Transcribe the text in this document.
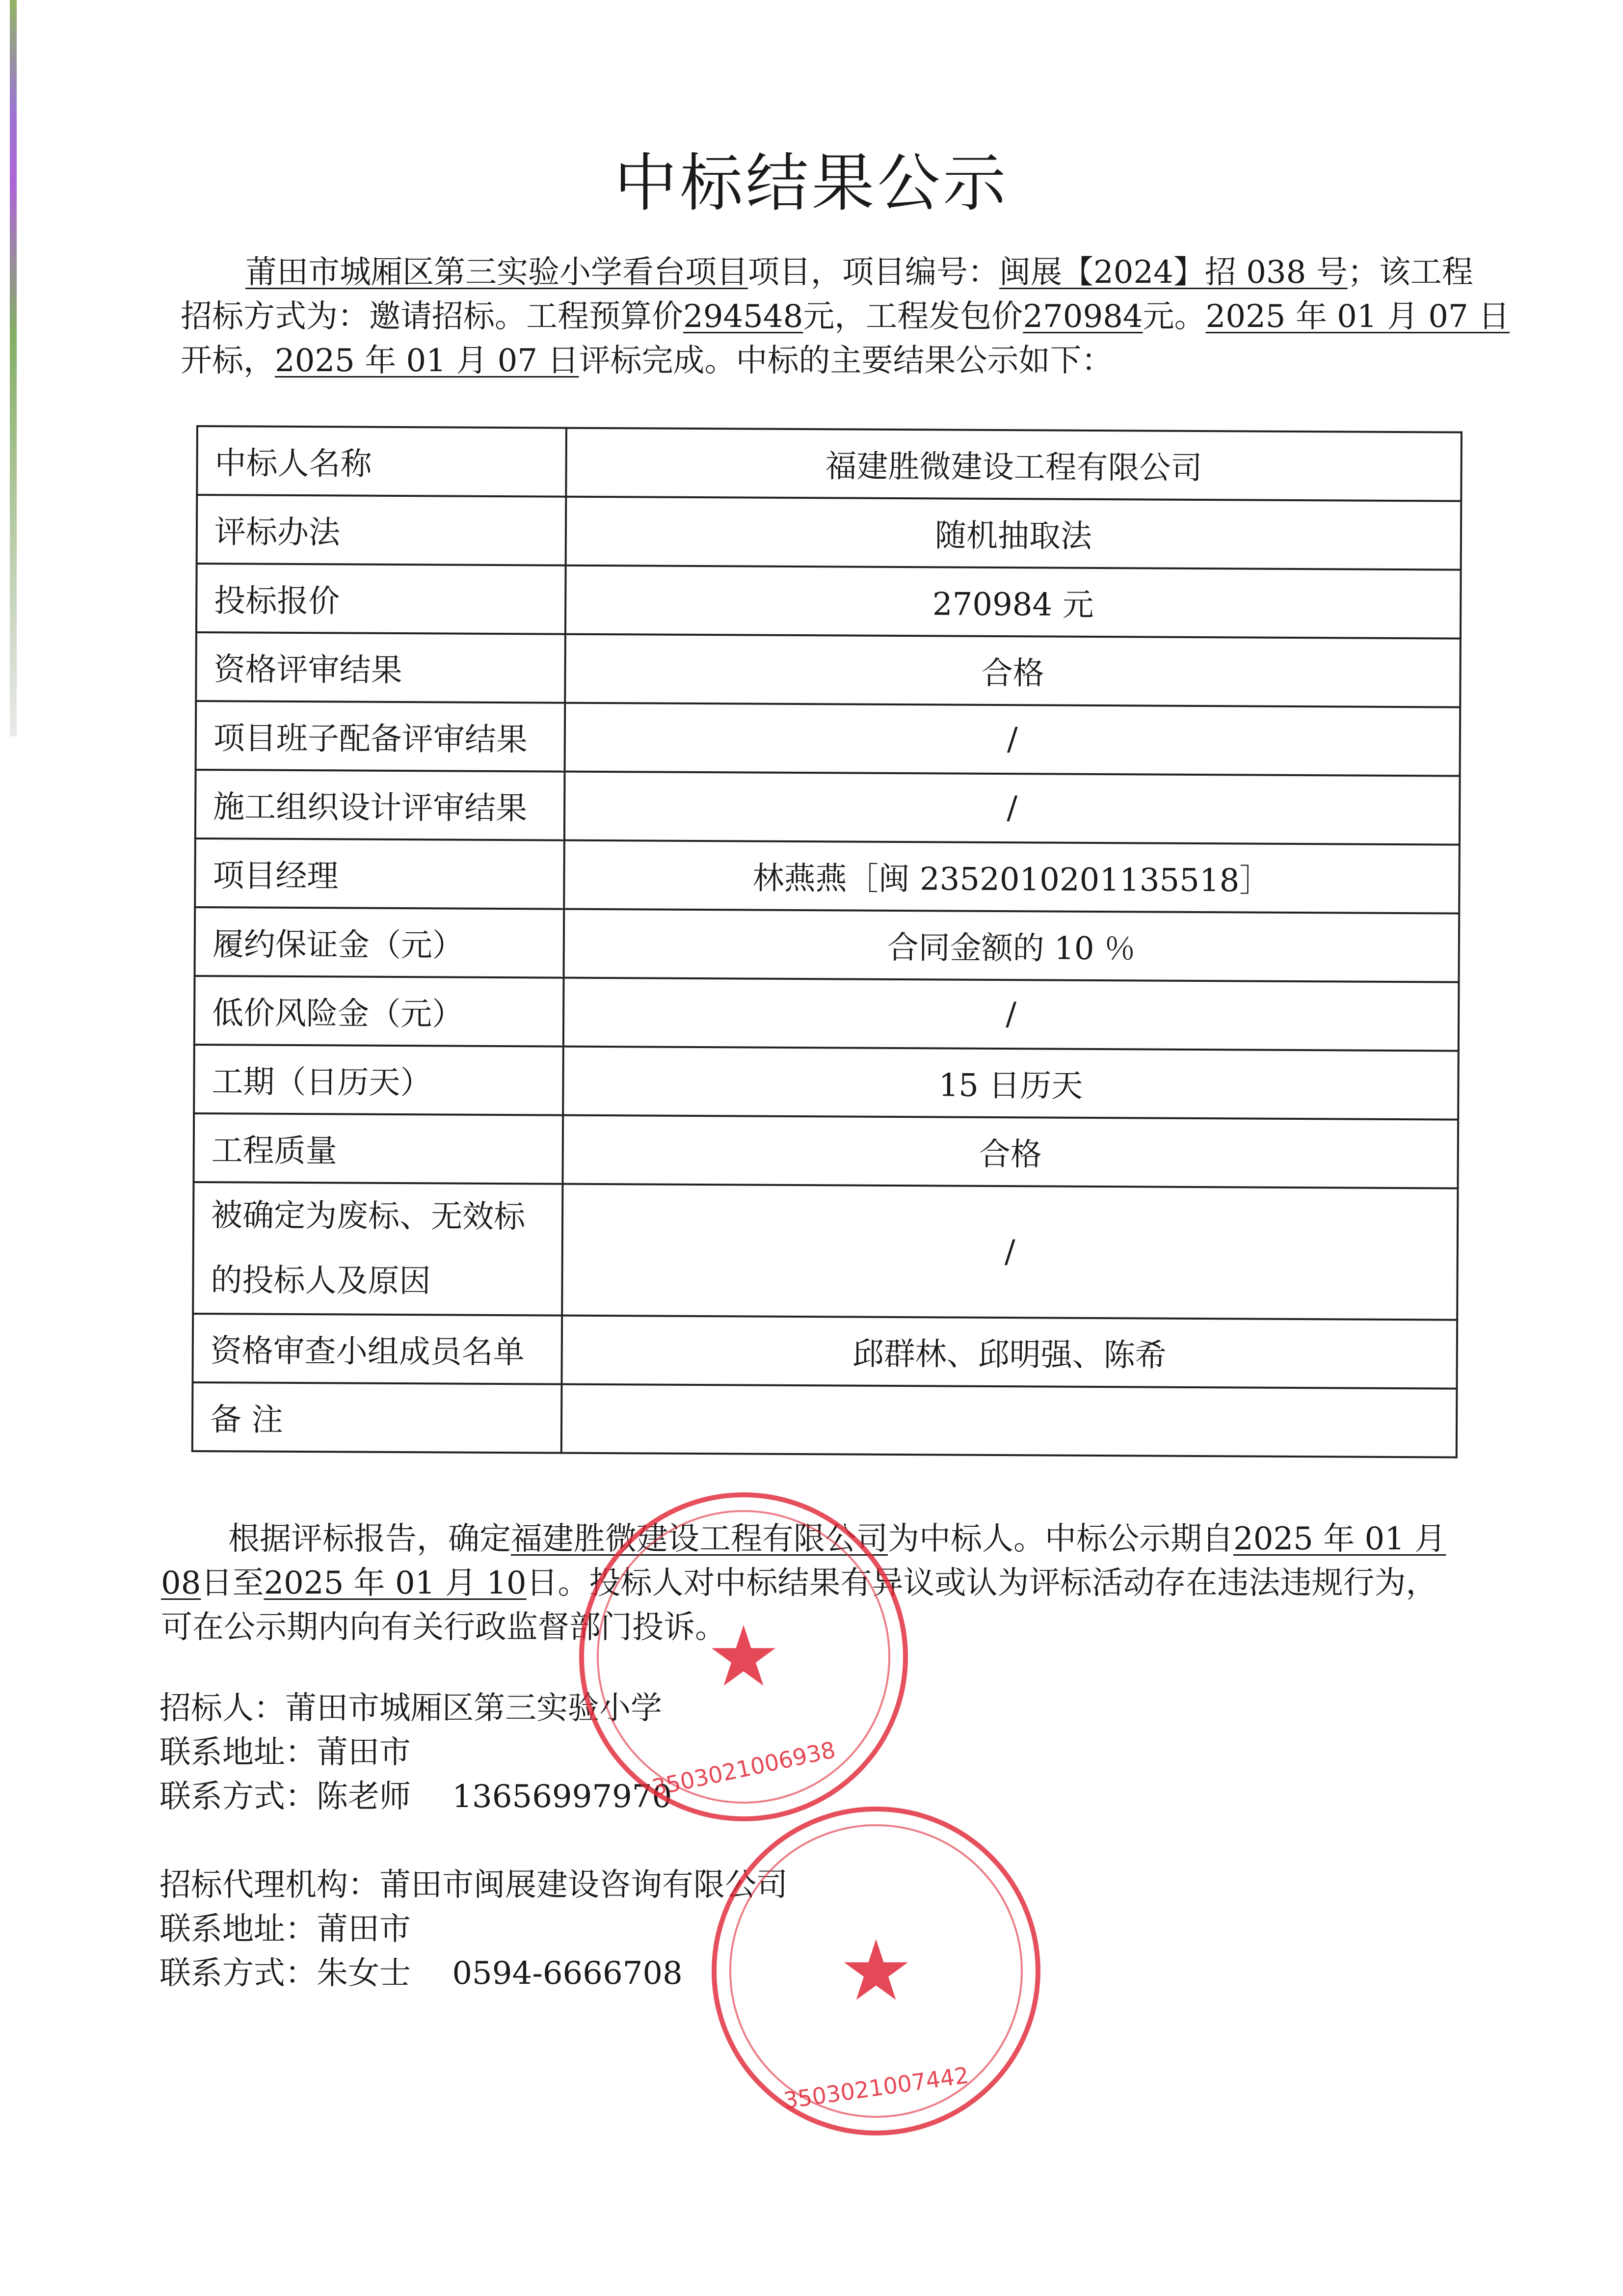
中标结果公示
莆田市城厢区第三实验小学看台项目项目，项目编号：闽展【2024】招 038 号；该工程
招标方式为：邀请招标。工程预算价294548元，工程发包价270984元。2025 年 01 月 07 日
开标，2025 年 01 月 07 日评标完成。中标的主要结果公示如下：
中标人名称	福建胜微建设工程有限公司
评标办法	随机抽取法
投标报价	270984 元
资格评审结果	合格
项目班子配备评审结果	/
施工组织设计评审结果	/
项目经理	林燕燕［闽 2352010201135518］
履约保证金（元）	合同金额的 10 ％
低价风险金（元）	/
工期（日历天）	15 日历天
工程质量	合格
被确定为废标、无效标
的投标人及原因	/
资格审查小组成员名单	邱群林、邱明强、陈希
备 注	
根据评标报告，确定福建胜微建设工程有限公司为中标人。中标公示期自2025 年 01 月
08日至2025 年 01 月 10日。投标人对中标结果有异议或认为评标活动存在违法违规行为，
可在公示期内向有关行政监督部门投诉。
招标人：莆田市城厢区第三实验小学
联系地址：莆田市
联系方式：陈老师　 13656997970
招标代理机构：莆田市闽展建设咨询有限公司
联系地址：莆田市
联系方式：朱女士　 0594-6666708
★
3503021006938
★
3503021007442
